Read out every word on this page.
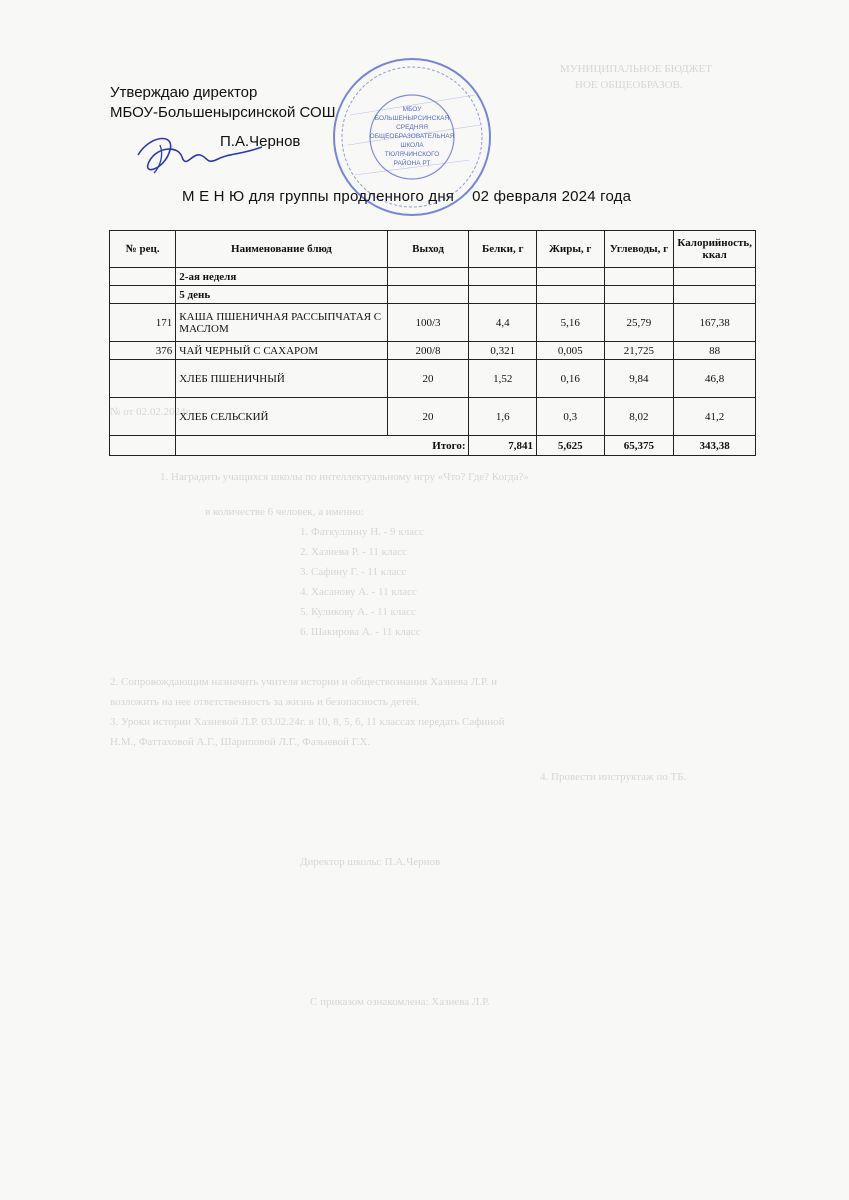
МУНИЦИПАЛЬНОЕ БЮДЖЕТ
НОЕ ОБЩЕОБРАЗОВ.
1. Наградить учащихся школы по интеллектуальному игру «Что? Где? Когда?»
в количестве 6 человек, а именно:
1. Фаткуллину Н. - 9 класс
2. Хазиева Р. - 11 класс
3. Сафину Г. - 11 класс
4. Хасанову А. - 11 класс
5. Куликову А. - 11 класс
6. Шакирова А. - 11 класс
2. Сопровождающим назначить учителя истории и обществознания Хазиева Л.Р. и
возложить на нее ответственность за жизнь и безопасность детей.
3. Уроки истории Хазиевой Л.Р. 03.02.24г. в 10, 8, 5, 6, 11 классах передать Сафиной
Н.М., Фаттаховой А.Г., Шариповой Л.Г., Фазыевой Г.Х.
4. Провести инструктаж по ТБ.
Директор школы: П.А.Чернов
С приказом ознакомлена: Хазиева Л.Р.
№ от 02.02.2024г.
Утверждаю директор
МБОУ-Большенырсинской СОШ
П.А.Чернов
МБОУ
БОЛЬШЕНЫРСИНСКАЯ
СРЕДНЯЯ
ОБЩЕОБРАЗОВАТЕЛЬНАЯ
ШКОЛА
ТЮЛЯЧИНСКОГО
РАЙОНА РТ
М Е Н Ю для группы продленного дня 02 февраля 2024 года
№ рец.	Наименование блюд	Выход	Белки, г	Жиры, г	Углеводы, г	Калорийность, ккал
	2-ая неделя					
	5 день					
171	КАША ПШЕНИЧНАЯ РАССЫПЧАТАЯ С МАСЛОМ	100/3	4,4	5,16	25,79	167,38
376	ЧАЙ ЧЕРНЫЙ С САХАРОМ	200/8	0,321	0,005	21,725	88
	ХЛЕБ ПШЕНИЧНЫЙ	20	1,52	0,16	9,84	46,8
	ХЛЕБ СЕЛЬСКИЙ	20	1,6	0,3	8,02	41,2
	Итого:		7,841	5,625	65,375	343,38
